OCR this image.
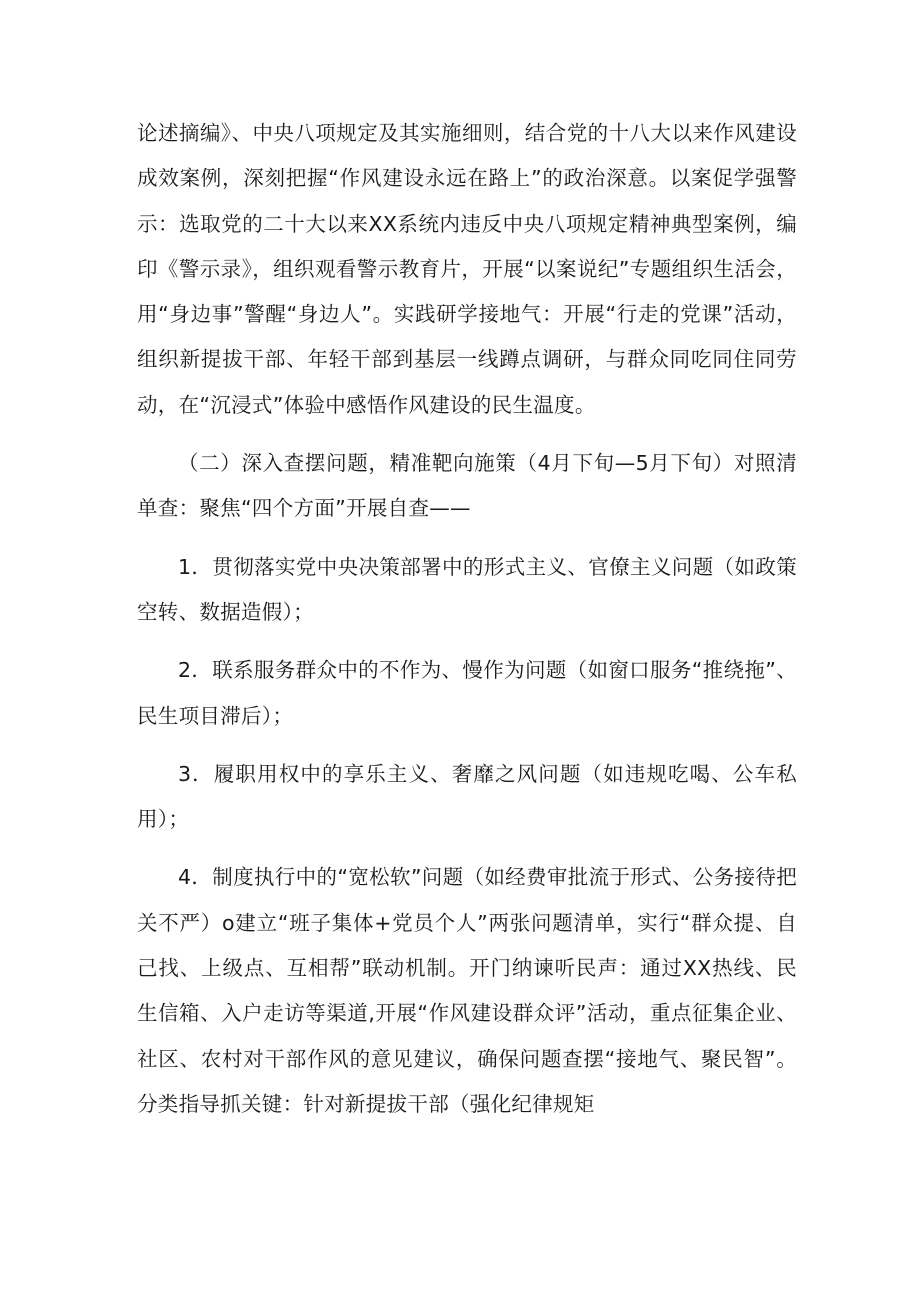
论述摘编》、中央八项规定及其实施细则，结合党的十八大以来作风建设成效案例，深刻把握“作风建设永远在路上”的政治深意。以案促学强警示：选取党的二十大以来XX系统内违反中央八项规定精神典型案例，编印《警示录》，组织观看警示教育片，开展“以案说纪”专题组织生活会，用“身边事”警醒“身边人”。实践研学接地气：开展“行走的党课”活动，组织新提拔干部、年轻干部到基层一线蹲点调研，与群众同吃同住同劳动，在“沉浸式”体验中感悟作风建设的民生温度。

（二）深入查摆问题，精准靶向施策（4月下旬—5月下旬）对照清单查：聚焦“四个方面”开展自查——

1．贯彻落实党中央决策部署中的形式主义、官僚主义问题（如政策空转、数据造假）；

2．联系服务群众中的不作为、慢作为问题（如窗口服务“推绕拖”、民生项目滞后）；

3．履职用权中的享乐主义、奢靡之风问题（如违规吃喝、公车私用）；

4．制度执行中的“宽松软”问题（如经费审批流于形式、公务接待把关不严）o建立“班子集体+党员个人”两张问题清单，实行“群众提、自己找、上级点、互相帮”联动机制。开门纳谏听民声：通过XX热线、民生信箱、入户走访等渠道,开展“作风建设群众评”活动，重点征集企业、社区、农村对干部作风的意见建议，确保问题查摆“接地气、聚民智”。分类指导抓关键：针对新提拔干部（强化纪律规矩
